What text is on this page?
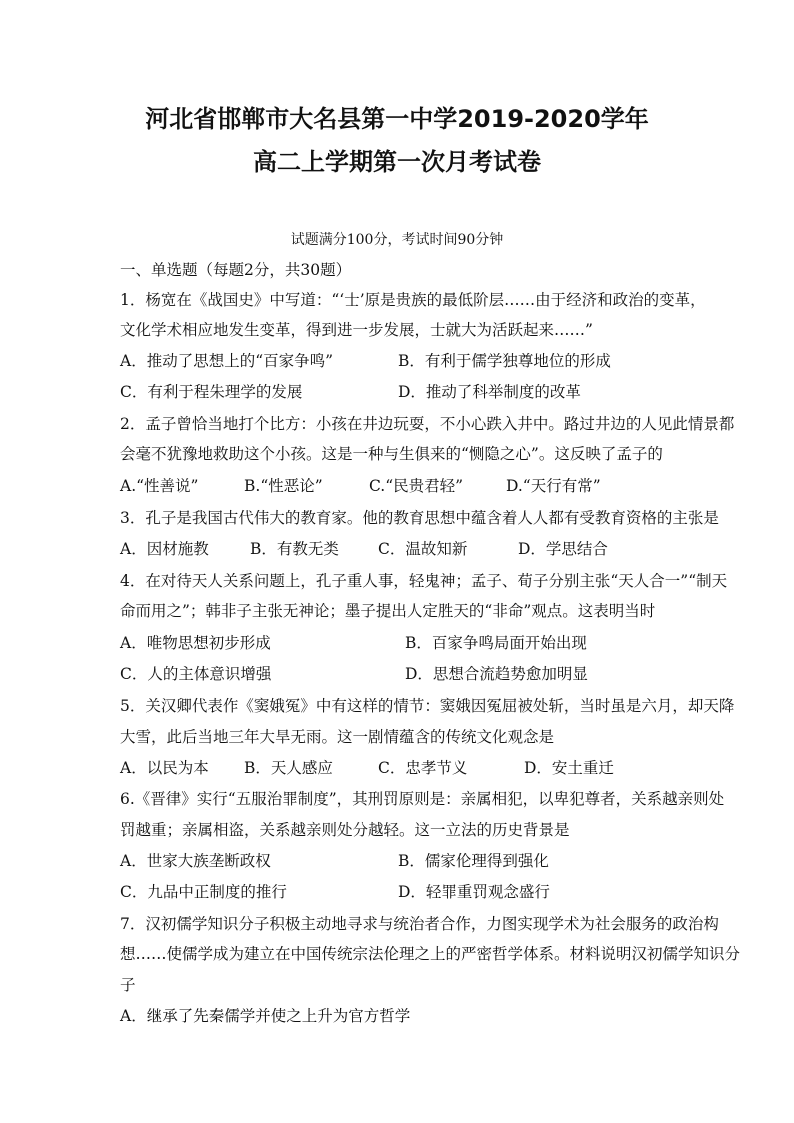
河北省邯郸市大名县第一中学2019-2020学年
高二上学期第一次月考试卷
试题满分100分，考试时间90分钟
一、单选题（每题2分，共30题）
1．杨宽在《战国史》中写道：“‘士’原是贵族的最低阶层……由于经济和政治的变革，
文化学术相应地发生变革，得到进一步发展，士就大为活跃起来……”
A．推动了思想上的“百家争鸣”	B．有利于儒学独尊地位的形成
C．有利于程朱理学的发展	D．推动了科举制度的改革
2．孟子曾恰当地打个比方：小孩在井边玩耍，不小心跌入井中。路过井边的人见此情景都
会毫不犹豫地救助这个小孩。这是一种与生俱来的“恻隐之心”。这反映了孟子的
A.“性善说”	B.“性恶论”	C.“民贵君轻”	D.“天行有常”
3．孔子是我国古代伟大的教育家。他的教育思想中蕴含着人人都有受教育资格的主张是
A．因材施教	B．有教无类	C．温故知新	D．学思结合
4．在对待天人关系问题上，孔子重人事，轻鬼神；孟子、荀子分别主张“天人合一”“制天
命而用之”；韩非子主张无神论；墨子提出人定胜天的“非命”观点。这表明当时
A．唯物思想初步形成	B．百家争鸣局面开始出现
C．人的主体意识增强	D．思想合流趋势愈加明显
5．关汉卿代表作《窦娥冤》中有这样的情节：窦娥因冤屈被处斩，当时虽是六月，却天降
大雪，此后当地三年大旱无雨。这一剧情蕴含的传统文化观念是
A．以民为本 B．天人感应	C．忠孝节义	D．安土重迁
6.《晋律》实行“五服治罪制度”，其刑罚原则是：亲属相犯，以卑犯尊者，关系越亲则处
罚越重；亲属相盗，关系越亲则处分越轻。这一立法的历史背景是
A．世家大族垄断政权	B．儒家伦理得到强化
C．九品中正制度的推行	D．轻罪重罚观念盛行
7．汉初儒学知识分子积极主动地寻求与统治者合作，力图实现学术为社会服务的政治构
想……使儒学成为建立在中国传统宗法伦理之上的严密哲学体系。材料说明汉初儒学知识分
子
A．继承了先秦儒学并使之上升为官方哲学
